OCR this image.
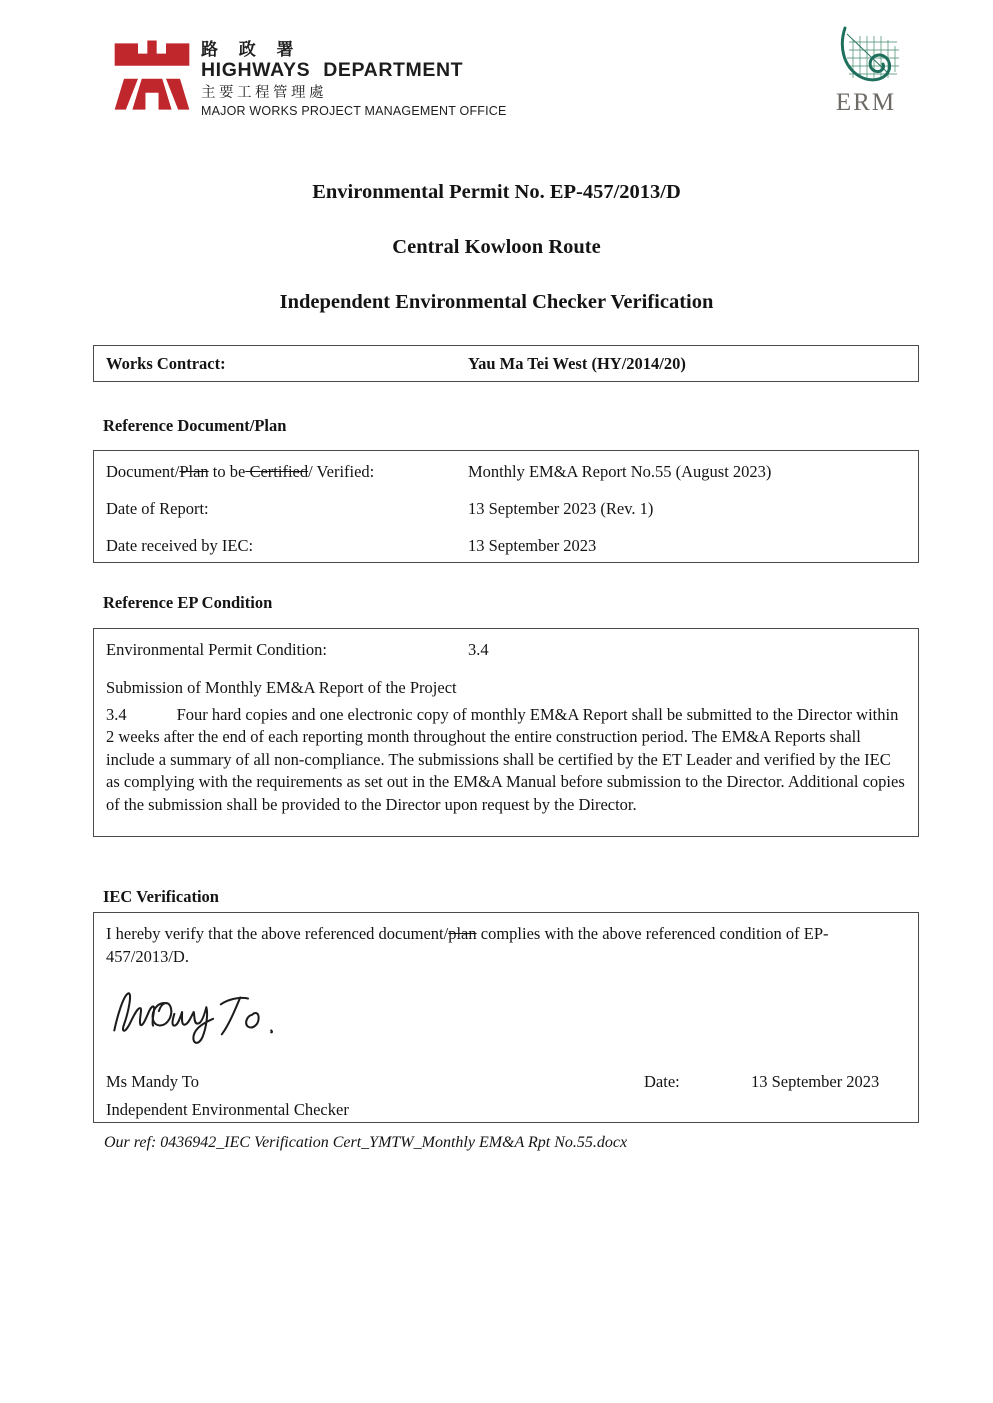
路 政 署
HIGHWAYS DEPARTMENT
主要工程管理處
MAJOR WORKS PROJECT MANAGEMENT OFFICE	ERM
Environmental Permit No. EP-457/2013/D
Central Kowloon Route
Independent Environmental Checker Verification
Works Contract:	Yau Ma Tei West (HY/2014/20)
Reference Document/Plan
Document/Plan to be Certified/ Verified:	Monthly EM&A Report No.55 (August 2023)
Date of Report:	13 September 2023 (Rev. 1)
Date received by IEC:	13 September 2023
Reference EP Condition
Environmental Permit Condition:	3.4
Submission of Monthly EM&A Report of the Project
3.4	Four hard copies and one electronic copy of monthly EM&A Report shall be submitted to the Director within 2 weeks after the end of each reporting month throughout the entire construction period. The EM&A Reports shall include a summary of all non-compliance. The submissions shall be certified by the ET Leader and verified by the IEC as complying with the requirements as set out in the EM&A Manual before submission to the Director. Additional copies of the submission shall be provided to the Director upon request by the Director.
IEC Verification
I hereby verify that the above referenced document/plan complies with the above referenced condition of EP-457/2013/D.
Ms Mandy To	Date:	13 September 2023
Independent Environmental Checker
Our ref: 0436942_IEC Verification Cert_YMTW_Monthly EM&A Rpt No.55.docx
